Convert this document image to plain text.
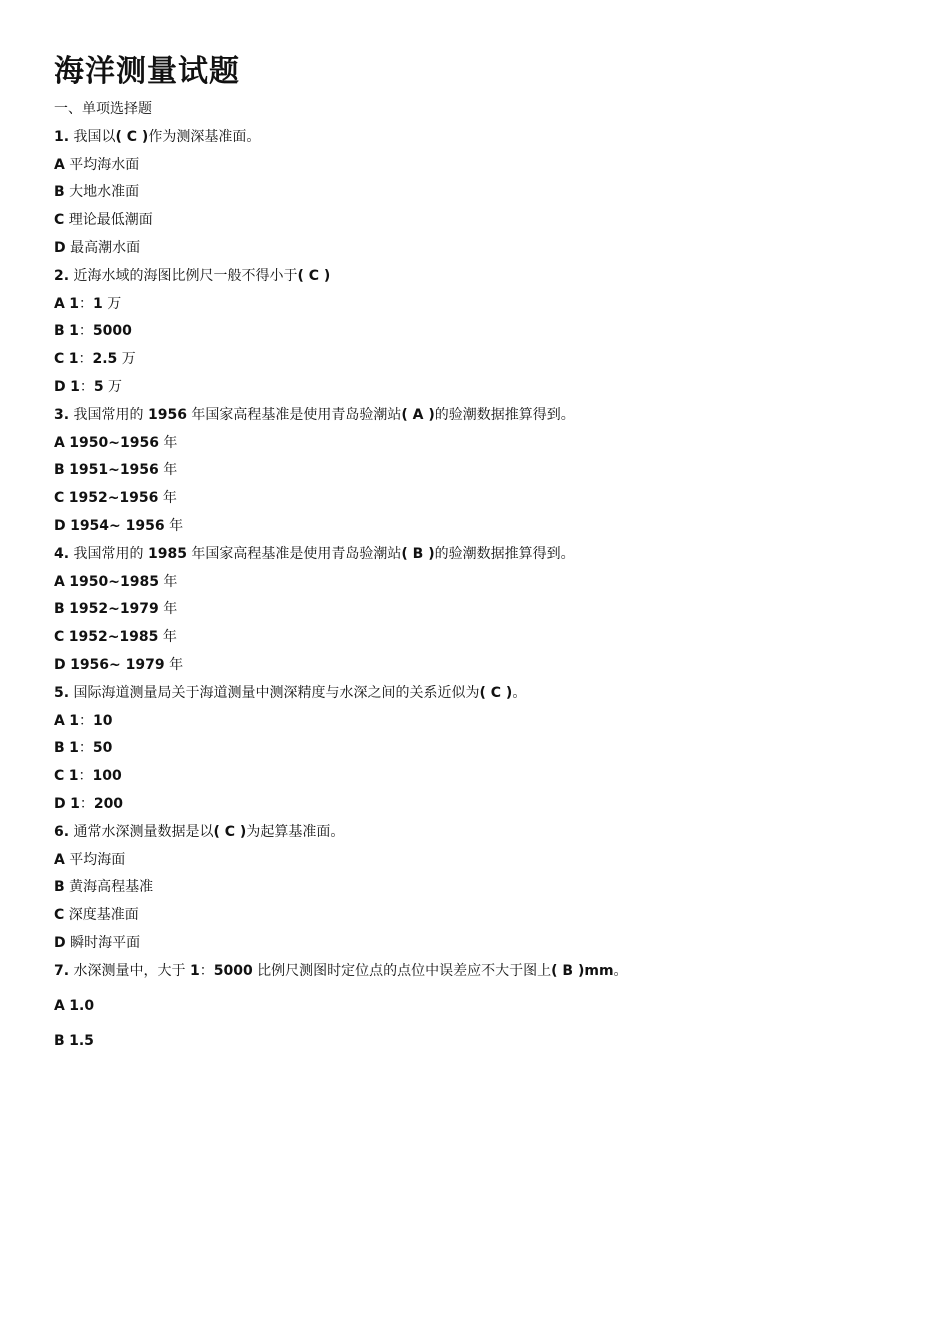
海洋测量试题
一、单项选择题
1. 我国以( C )作为测深基准面。
A 平均海水面
B 大地水准面
C 理论最低潮面
D 最高潮水面
2. 近海水域的海图比例尺一般不得小于( C )
A 1：1 万
B 1：5000
C 1：2.5 万
D 1：5 万
3. 我国常用的 1956 年国家高程基准是使用青岛验潮站( A )的验潮数据推算得到。
A 1950~1956 年
B 1951~1956 年
C 1952~1956 年
D 1954~ 1956 年
4. 我国常用的 1985 年国家高程基准是使用青岛验潮站( B )的验潮数据推算得到。
A 1950~1985 年
B 1952~1979 年
C 1952~1985 年
D 1956~ 1979 年
5. 国际海道测量局关于海道测量中测深精度与水深之间的关系近似为( C )。
A 1：10
B 1：50
C 1：100
D 1：200
6. 通常水深测量数据是以( C )为起算基准面。
A 平均海面
B 黄海高程基准
C 深度基准面
D 瞬时海平面
7. 水深测量中，大于 1：5000 比例尺测图时定位点的点位中误差应不大于图上( B )mm。
A 1.0
B 1.5
